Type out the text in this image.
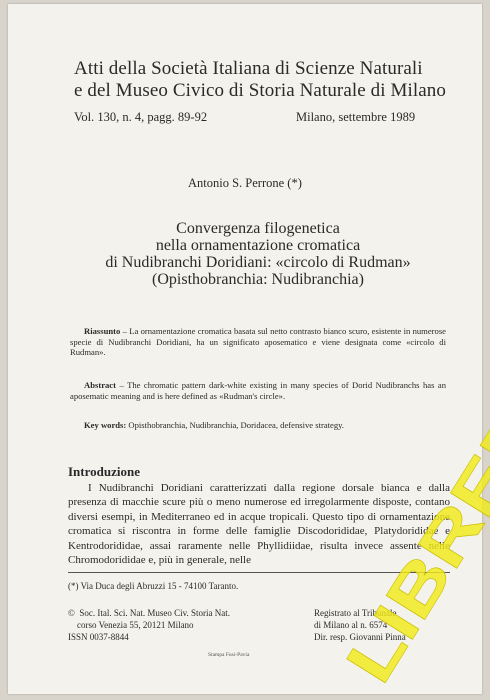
Atti della Società Italiana di Scienze Naturali
e del Museo Civico di Storia Naturale di Milano
Vol. 130, n. 4, pagg. 89-92	Milano, settembre 1989
Antonio S. Perrone (*)
Convergenza filogenetica
nella ornamentazione cromatica
di Nudibranchi Doridiani: «circolo di Rudman»
(Opisthobranchia: Nudibranchia)
Riassunto – La ornamentazione cromatica basata sul netto contrasto bianco scuro, esistente in numerose specie di Nudibranchi Doridiani, ha un significato aposematico e viene designata come «circolo di Rudman».
Abstract – The chromatic pattern dark-white existing in many species of Dorid Nudibranchs has an aposematic meaning and is here defined as «Rudman's circle».
Key words: Opisthobranchia, Nudibranchia, Doridacea, defensive strategy.
Introduzione
I Nudibranchi Doridiani caratterizzati dalla regione dorsale bianca e dalla presenza di macchie scure più o meno numerose ed irregolarmente disposte, contano diversi esempi, in Mediterraneo ed in acque tropicali. Questo tipo di ornamentazione cromatica si riscontra in forme delle famiglie Discodorididae, Platydorididae e Kentrodorididae, assai raramente nelle Phyllidiidae, risulta invece assente nelle Chromodorididae e, più in generale, nelle
(*) Via Duca degli Abruzzi 15 - 74100 Taranto.
©  Soc. Ital. Sci. Nat. Museo Civ. Storia Nat.
corso Venezia 55, 20121 Milano
ISSN 0037-8844
Registrato al Tribunale
di Milano al n. 6574
Dir. resp. Giovanni Pinna
Stampa Fusi-Pavia
